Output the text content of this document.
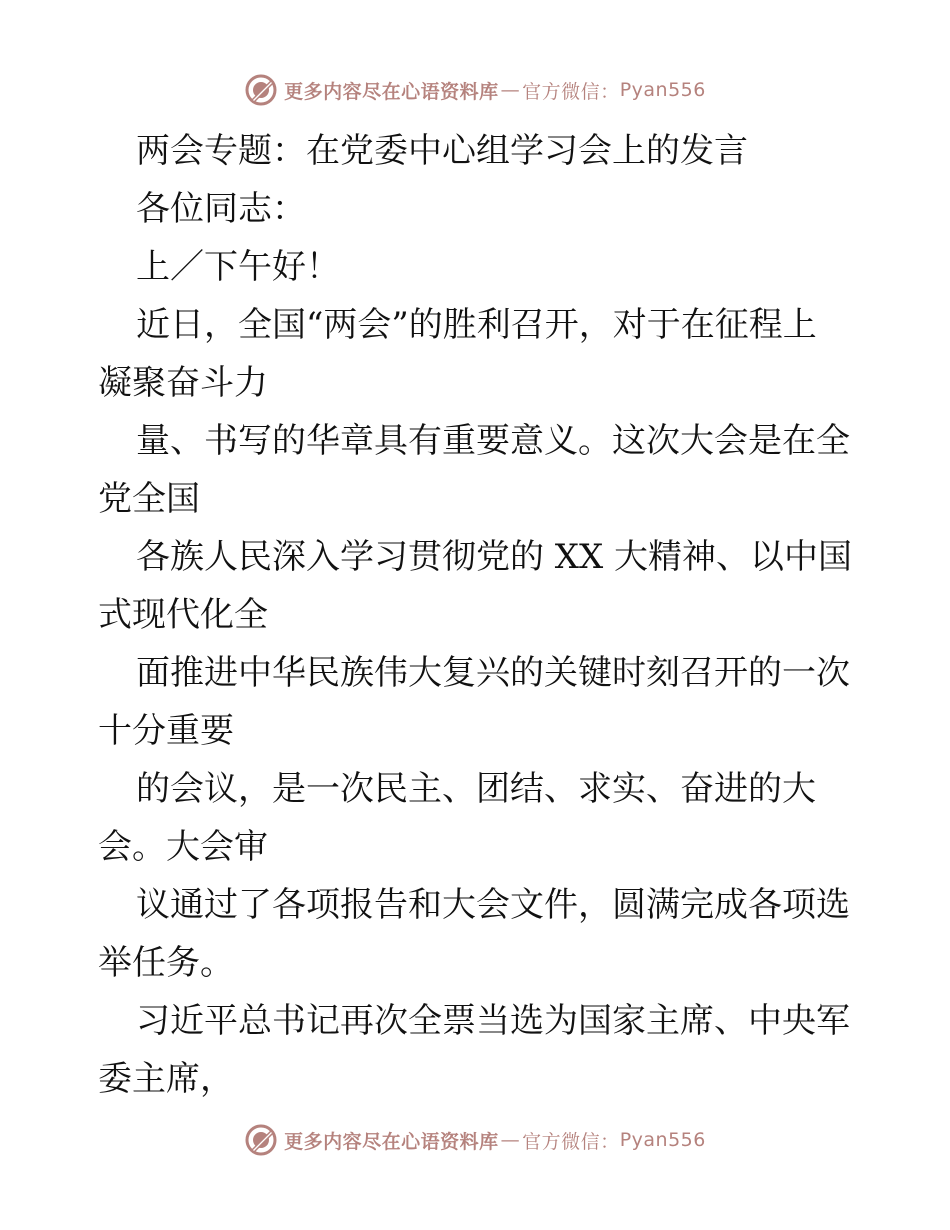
更多内容尽在心语资料库 — 官方微信： Pyan556
两会专题：在党委中心组学习会上的发言
各位同志：
上／下午好！
近日，全国“两会”的胜利召开，对于在征程上
凝聚奋斗力
量、书写的华章具有重要意义。这次大会是在全
党全国
各族人民深入学习贯彻党的 XX 大精神、以中国
式现代化全
面推进中华民族伟大复兴的关键时刻召开的一次
十分重要
的会议，是一次民主、团结、求实、奋进的大
会。大会审
议通过了各项报告和大会文件，圆满完成各项选
举任务。
习近平总书记再次全票当选为国家主席、中央军
委主席，
更多内容尽在心语资料库 — 官方微信： Pyan556
